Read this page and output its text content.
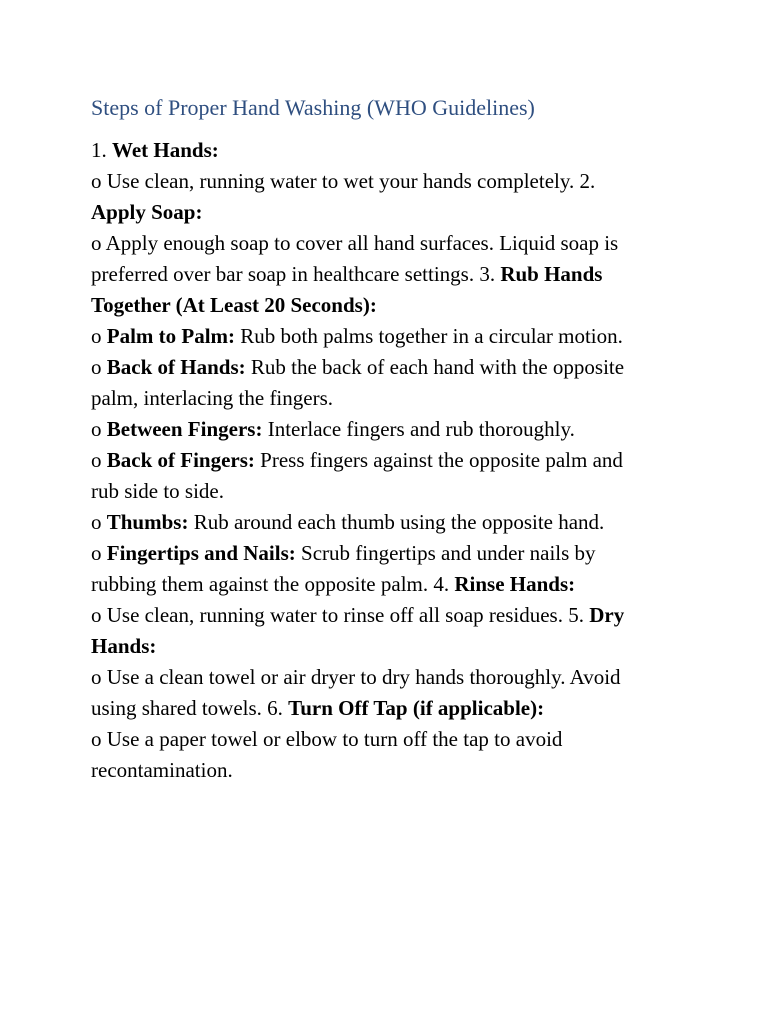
Steps of Proper Hand Washing (WHO Guidelines)
1. Wet Hands:
o Use clean, running water to wet your hands completely. 2.
Apply Soap:
o Apply enough soap to cover all hand surfaces. Liquid soap is
preferred over bar soap in healthcare settings. 3. Rub Hands
Together (At Least 20 Seconds):
o Palm to Palm: Rub both palms together in a circular motion.
o Back of Hands: Rub the back of each hand with the opposite
palm, interlacing the fingers.
o Between Fingers: Interlace fingers and rub thoroughly.
o Back of Fingers: Press fingers against the opposite palm and
rub side to side.
o Thumbs: Rub around each thumb using the opposite hand.
o Fingertips and Nails: Scrub fingertips and under nails by
rubbing them against the opposite palm. 4. Rinse Hands:
o Use clean, running water to rinse off all soap residues. 5. Dry
Hands:
o Use a clean towel or air dryer to dry hands thoroughly. Avoid
using shared towels. 6. Turn Off Tap (if applicable):
o Use a paper towel or elbow to turn off the tap to avoid
recontamination.
